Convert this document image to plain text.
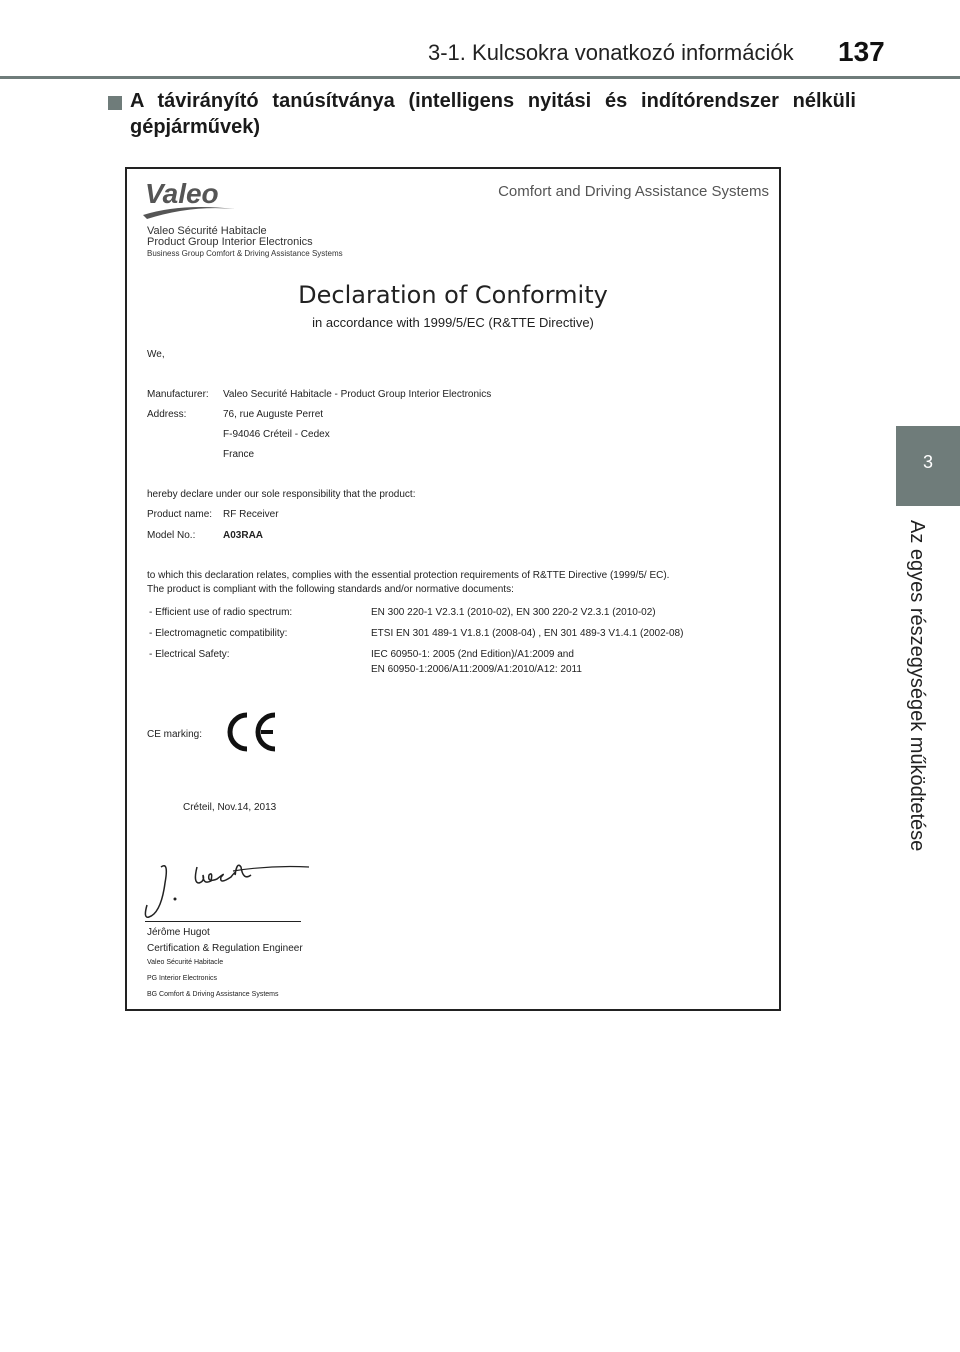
3-1. Kulcsokra vonatkozó információk 137
3
Az egyes részegységek működtetése
A távirányító tanúsítványa (intelligens nyitási és indítórendszer nélküli gépjárművek)
Valeo	Comfort and Driving Assistance Systems
Valeo Sécurité Habitacle
Product Group Interior Electronics
Business Group Comfort & Driving Assistance Systems
Declaration of Conformity
in accordance with 1999/5/EC (R&TTE Directive)
We,
Manufacturer: Valeo Securité Habitacle - Product Group Interior Electronics
Address:	76, rue Auguste Perret
F-94046 Créteil - Cedex
France
hereby declare under our sole responsibility that the product:
Product name: RF Receiver
Model No.:	A03RAA
to which this declaration relates, complies with the essential protection requirements of R&TTE Directive (1999/5/ EC).
The product is compliant with the following standards and/or normative documents:
- Efficient use of radio spectrum:	EN 300 220-1 V2.3.1 (2010-02), EN 300 220-2 V2.3.1 (2010-02)
- Electromagnetic compatibility:	ETSI EN 301 489-1 V1.8.1 (2008-04) , EN 301 489-3 V1.4.1 (2002-08)
- Electrical Safety:	IEC 60950-1: 2005 (2nd Edition)/A1:2009 and
EN 60950-1:2006/A11:2009/A1:2010/A12: 2011
CE marking:
Créteil, Nov.14, 2013
Jérôme Hugot
Certification & Regulation Engineer
Valeo Sécurité Habitacle
PG Interior Electronics
BG Comfort & Driving Assistance Systems
